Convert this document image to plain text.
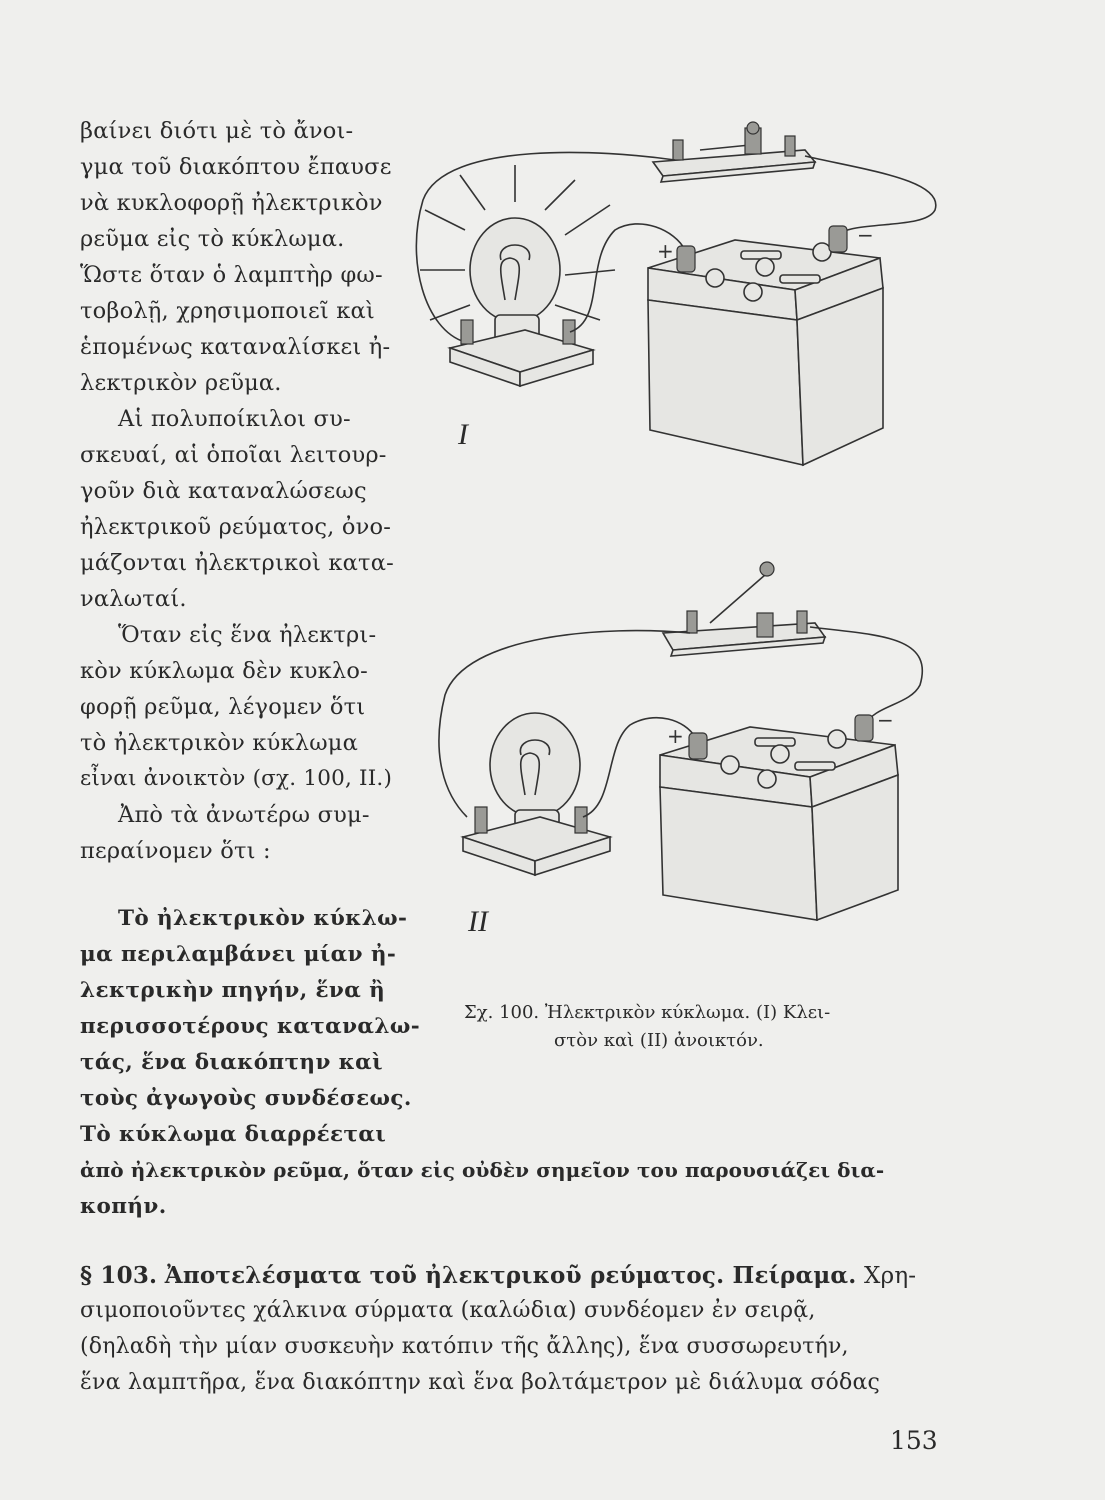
βαίνει διότι μὲ τὸ ἄνοι-
γμα τοῦ διακόπτου ἔπαυσε
νὰ κυκλοφορῇ ἠλεκτρικὸν
ρεῦμα εἰς τὸ κύκλωμα.
Ὥστε ὅταν ὁ λαμπτὴρ φω-
τοβολῇ, χρησιμοποιεῖ καὶ
ἑπομένως καταναλίσκει ἠ-
λεκτρικὸν ρεῦμα.
Αἱ πολυποίκιλοι συ-
σκευαί, αἱ ὁποῖαι λειτουρ-
γοῦν διὰ καταναλώσεως
ἠλεκτρικοῦ ρεύματος, ὀνο-
μάζονται ἠλεκτρικοὶ κατα-
ναλωταί.
Ὅταν εἰς ἕνα ἠλεκτρι-
κὸν κύκλωμα δὲν κυκλο-
φορῇ ρεῦμα, λέγομεν ὅτι
τὸ ἠλεκτρικὸν κύκλωμα
εἶναι ἀνοικτὸν (σχ. 100, II.)
Ἀπὸ τὰ ἀνωτέρω συμ-
περαίνομεν ὅτι :
Τὸ ἠλεκτρικὸν κύκλω-
μα περιλαμβάνει μίαν ἠ-
λεκτρικὴν πηγήν, ἕνα ἢ
περισσοτέρους καταναλω-
τάς, ἕνα διακόπτην καὶ
τοὺς ἀγωγοὺς συνδέσεως.
Τὸ κύκλωμα διαρρέεται
ἀπὸ ἠλεκτρικὸν ρεῦμα, ὅταν εἰς οὐδὲν σημεῖον του παρουσιάζει δια-
κοπήν.
+
−
I
+
−
II
Σχ. 100. Ἠλεκτρικὸν κύκλωμα. (I) Κλει-
στὸν καὶ (II) ἀνοικτόν.
§ 103. Ἀποτελέσματα τοῦ ἠλεκτρικοῦ ρεύματος. Πείραμα. Χρη-
σιμοποιοῦντες χάλκινα σύρματα (καλώδια) συνδέομεν ἐν σειρᾷ,
(δηλαδὴ τὴν μίαν συσκευὴν κατόπιν τῆς ἄλλης), ἕνα συσσωρευτήν,
ἕνα λαμπτῆρα, ἕνα διακόπτην καὶ ἕνα βολτάμετρον μὲ διάλυμα σόδας
153
